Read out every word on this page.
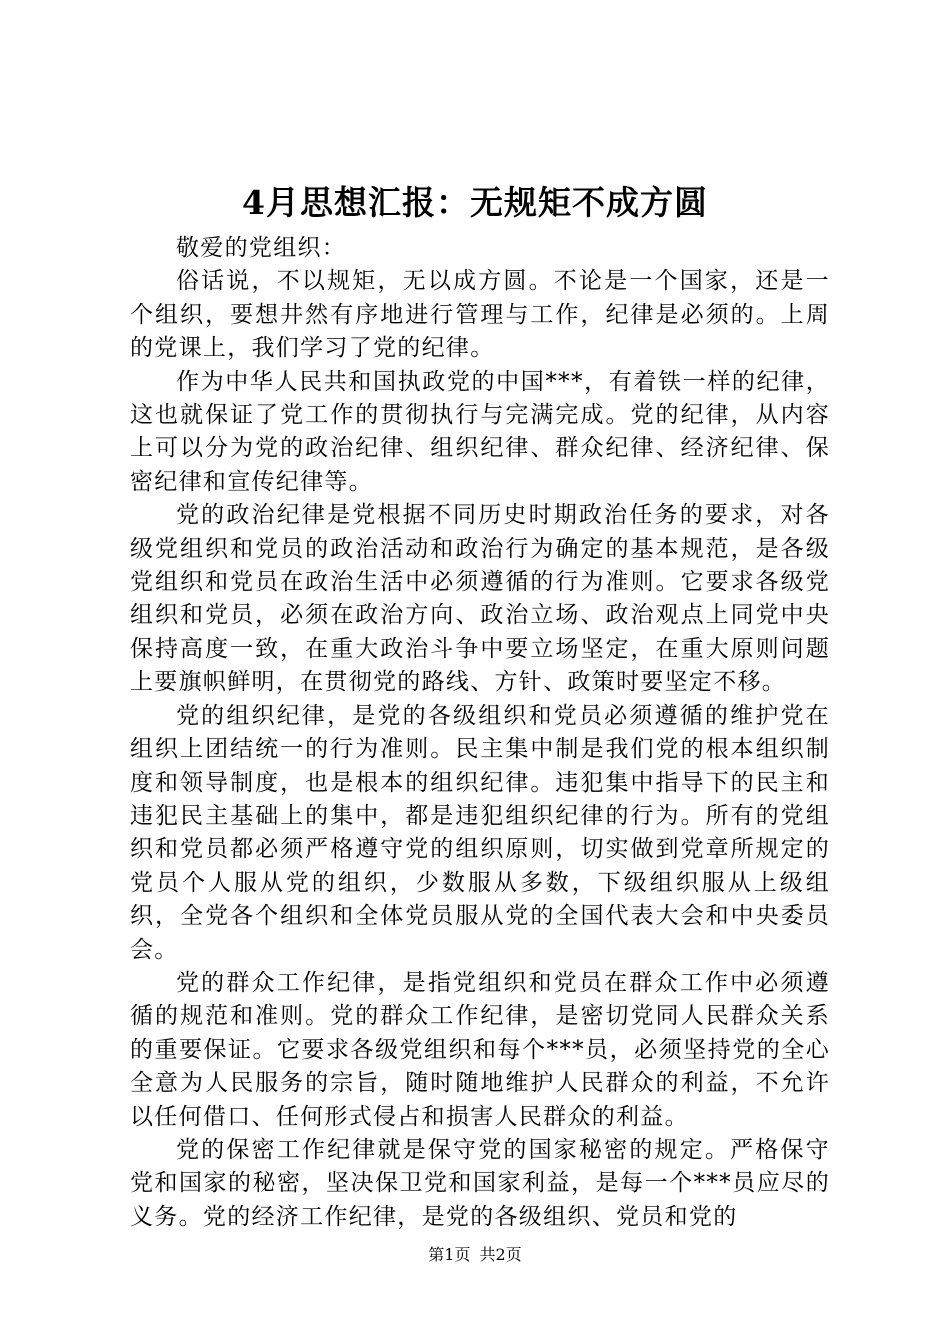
4月思想汇报：无规矩不成方圆

敬爱的党组织：

俗话说，不以规矩，无以成方圆。不论是一个国家，还是一个组织，要想井然有序地进行管理与工作，纪律是必须的。上周的党课上，我们学习了党的纪律。

作为中华人民共和国执政党的中国***，有着铁一样的纪律，这也就保证了党工作的贯彻执行与完满完成。党的纪律，从内容上可以分为党的政治纪律、组织纪律、群众纪律、经济纪律、保密纪律和宣传纪律等。

党的政治纪律是党根据不同历史时期政治任务的要求，对各级党组织和党员的政治活动和政治行为确定的基本规范，是各级党组织和党员在政治生活中必须遵循的行为准则。它要求各级党组织和党员，必须在政治方向、政治立场、政治观点上同党中央保持高度一致，在重大政治斗争中要立场坚定，在重大原则问题上要旗帜鲜明，在贯彻党的路线、方针、政策时要坚定不移。

党的组织纪律，是党的各级组织和党员必须遵循的维护党在组织上团结统一的行为准则。民主集中制是我们党的根本组织制度和领导制度，也是根本的组织纪律。违犯集中指导下的民主和违犯民主基础上的集中，都是违犯组织纪律的行为。所有的党组织和党员都必须严格遵守党的组织原则，切实做到党章所规定的党员个人服从党的组织，少数服从多数，下级组织服从上级组织，全党各个组织和全体党员服从党的全国代表大会和中央委员会。

党的群众工作纪律，是指党组织和党员在群众工作中必须遵循的规范和准则。党的群众工作纪律，是密切党同人民群众关系的重要保证。它要求各级党组织和每个***员，必须坚持党的全心全意为人民服务的宗旨，随时随地维护人民群众的利益，不允许以任何借口、任何形式侵占和损害人民群众的利益。

党的保密工作纪律就是保守党的国家秘密的规定。严格保守党和国家的秘密，坚决保卫党和国家利益，是每一个***员应尽的义务。党的经济工作纪律，是党的各级组织、党员和党的

第1页 共2页
